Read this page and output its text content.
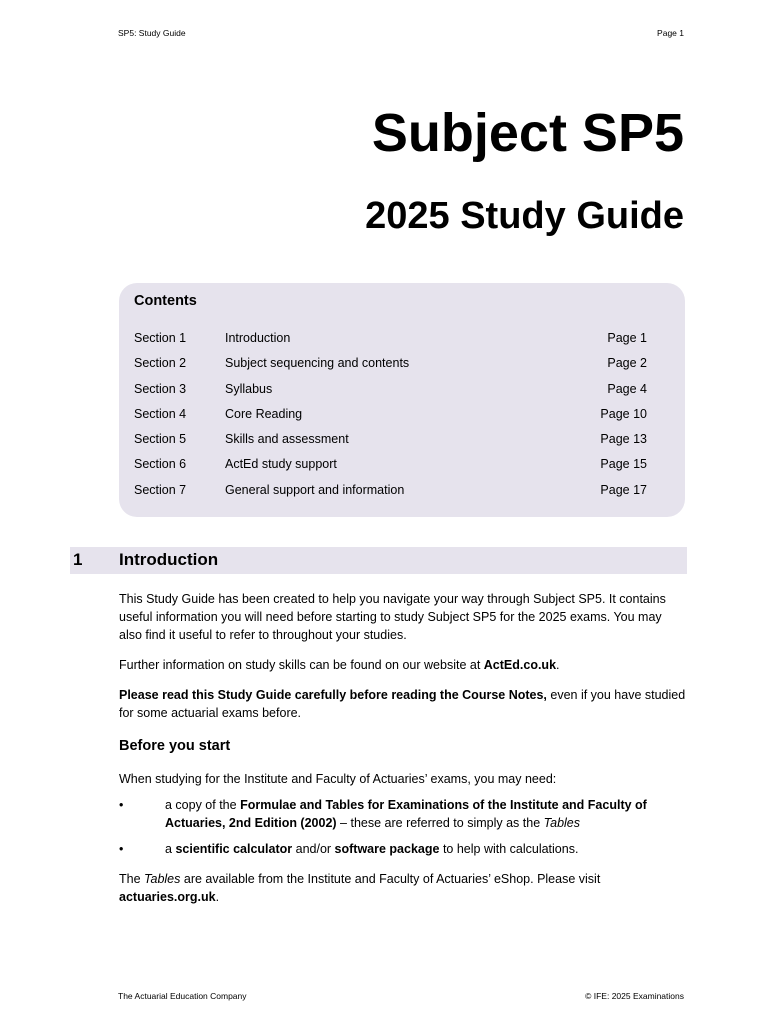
SP5: Study Guide	Page 1
Subject SP5
2025 Study Guide
Contents
Section 1	Introduction	Page 1
Section 2	Subject sequencing and contents	Page 2
Section 3	Syllabus	Page 4
Section 4	Core Reading	Page 10
Section 5	Skills and assessment	Page 13
Section 6	ActEd study support	Page 15
Section 7	General support and information	Page 17
1 Introduction
This Study Guide has been created to help you navigate your way through Subject SP5. It contains useful information you will need before starting to study Subject SP5 for the 2025 exams. You may also find it useful to refer to throughout your studies.
Further information on study skills can be found on our website at ActEd.co.uk.
Please read this Study Guide carefully before reading the Course Notes, even if you have studied for some actuarial exams before.
Before you start
When studying for the Institute and Faculty of Actuaries’ exams, you may need:
•	a copy of the Formulae and Tables for Examinations of the Institute and Faculty of Actuaries, 2nd Edition (2002) – these are referred to simply as the Tables
•	a scientific calculator and/or software package to help with calculations.
The Tables are available from the Institute and Faculty of Actuaries’ eShop. Please visit actuaries.org.uk.
The Actuarial Education Company	© IFE: 2025 Examinations
